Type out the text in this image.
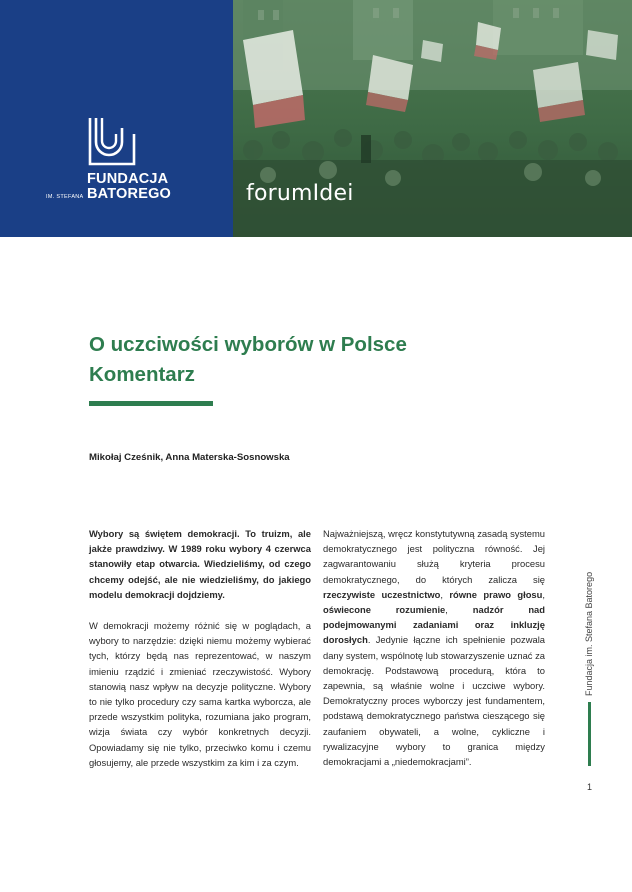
FUNDACJA
BATOREGO
IM. STEFANA	forumIdei
O uczciwości wyborów w Polsce
Komentarz
Mikołaj Cześnik, Anna Materska-Sosnowska

Wybory są świętem demokracji. To truizm, ale jakże prawdziwy. W 1989 roku wybory 4 czerwca stanowiły etap otwarcia. Wiedzieliśmy, od czego chcemy odejść, ale nie wiedzieliśmy, do jakiego modelu demokracji dojdziemy.

W demokracji możemy różnić się w poglądach, a wybory to narzędzie: dzięki niemu możemy wybierać tych, którzy będą nas reprezentować, w naszym imieniu rządzić i zmieniać rzeczywistość. Wybory stanowią nasz wpływ na decyzje polityczne. Wybory to nie tylko procedury czy sama kartka wyborcza, ale przede wszystkim polityka, rozumiana jako program, wizja świata czy wybór konkretnych decyzji. Opowiadamy się nie tylko, przeciwko komu i czemu głosujemy, ale przede wszystkim za kim i za czym.

Najważniejszą, wręcz konstytutywną zasadą systemu demokratycznego jest polityczna równość. Jej zagwarantowaniu służą kryteria procesu demokratycznego, do których zalicza się rzeczywiste uczestnictwo, równe prawo głosu, oświecone rozumienie, nadzór nad podejmowanymi zadaniami oraz inkluzję dorosłych. Jedynie łączne ich spełnienie pozwala dany system, wspólnotę lub stowarzyszenie uznać za demokrację. Podstawową procedurą, która to zapewnia, są właśnie wolne i uczciwe wybory. Demokratyczny proces wyborczy jest fundamentem, podstawą demokratycznego państwa cieszącego się zaufaniem obywateli, a wolne, cykliczne i rywalizacyjne wybory to granica między demokracjami a „niedemokracjami”.

Fundacja im. Stefana Batorego
1
